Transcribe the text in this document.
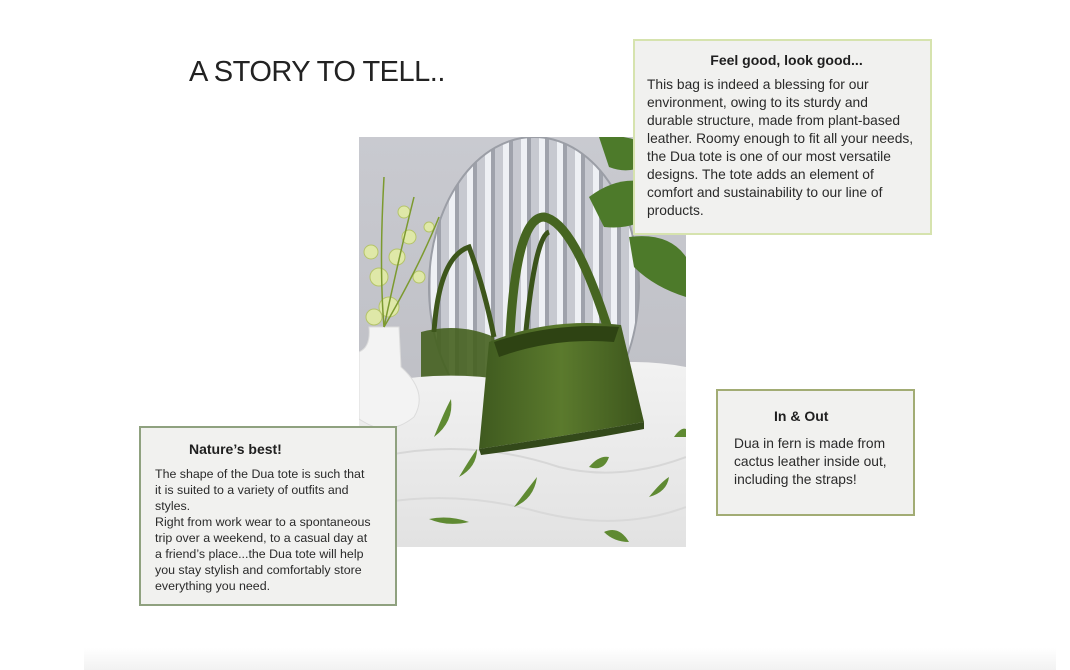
A STORY TO TELL..	Feel good, look good...

This bag is indeed a blessing for our
environment, owing to its sturdy and
durable structure, made from plant-based
leather. Roomy enough to fit all your needs,
the Dua tote is one of our most versatile
designs. The tote adds an element of
comfort and sustainability to our line of
products.

Nature’s best!

The shape of the Dua tote is such that
it is suited to a variety of outfits and styles.
Right from work wear to a spontaneous
trip over a weekend, to a casual day at
a friend’s place...the Dua tote will help
you stay stylish and comfortably store
everything you need.

In & Out

Dua in fern is made from
cactus leather inside out,
including the straps!
